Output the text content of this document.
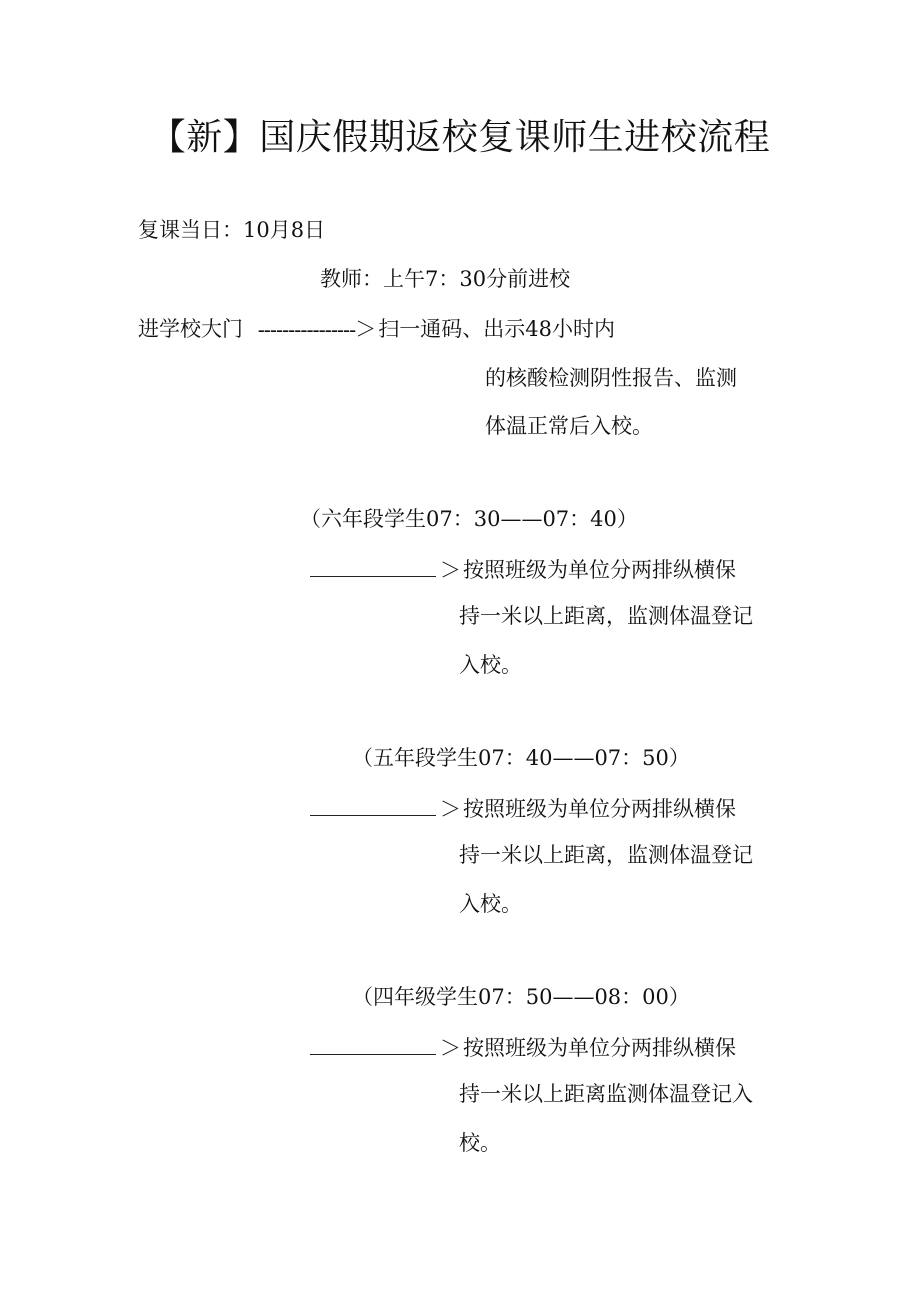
【新】国庆假期返校复课师生进校流程
复课当日：10月8日
教师：上午7：30分前进校
进学校大门 ----------------＞扫一通码、出示48小时内
的核酸检测阴性报告、监测
体温正常后入校。
（六年段学生07：30——07：40）
＞按照班级为单位分两排纵横保
持一米以上距离，监测体温登记
入校。
（五年段学生07：40——07：50）
＞按照班级为单位分两排纵横保
持一米以上距离，监测体温登记
入校。
（四年级学生07：50——08：00）
＞按照班级为单位分两排纵横保
持一米以上距离监测体温登记入
校。
